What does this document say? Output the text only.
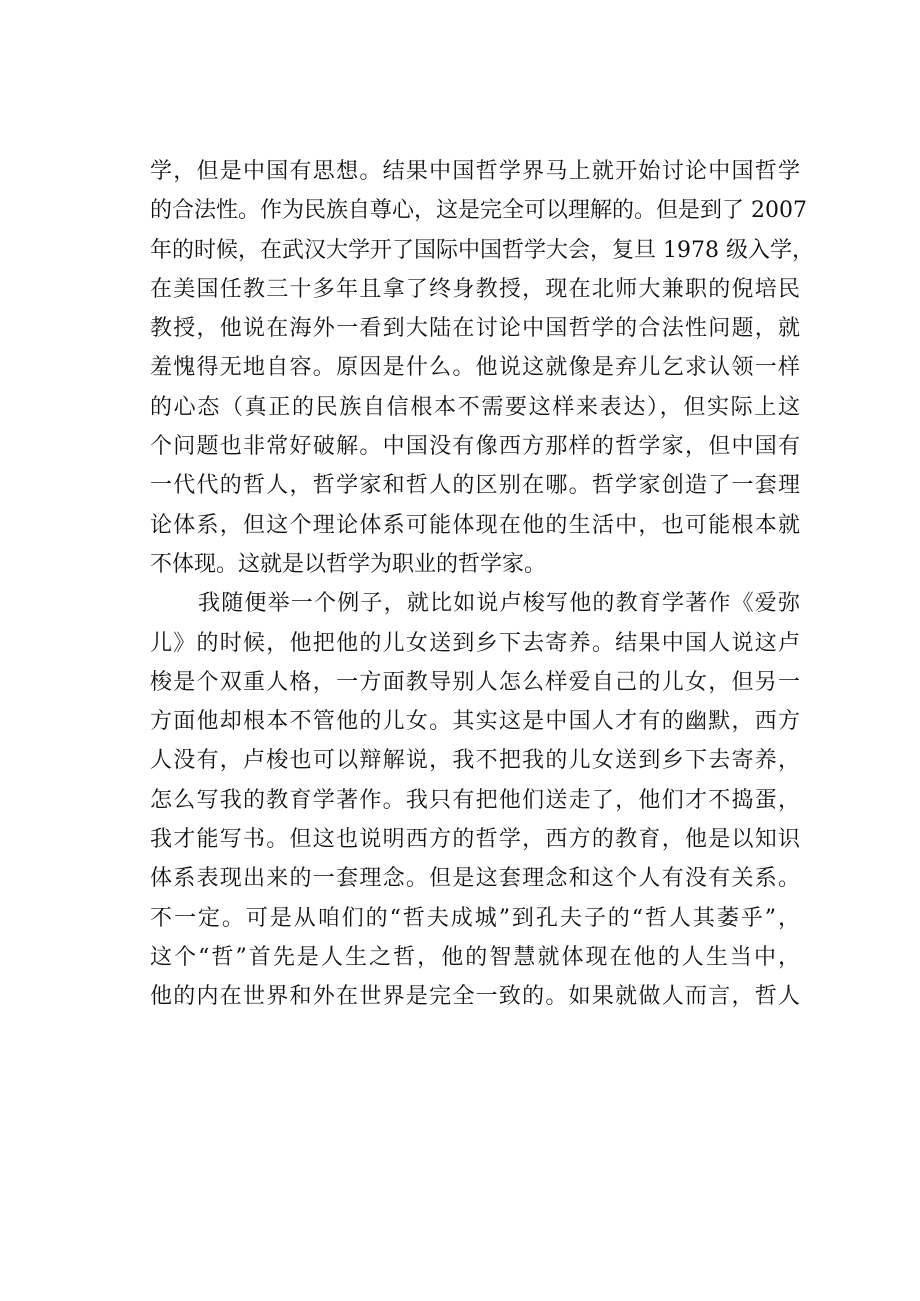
学，但是中国有思想。结果中国哲学界马上就开始讨论中国哲学
的合法性。作为民族自尊心，这是完全可以理解的。但是到了 2007
年的时候，在武汉大学开了国际中国哲学大会，复旦 1978 级入学，
在美国任教三十多年且拿了终身教授，现在北师大兼职的倪培民
教授，他说在海外一看到大陆在讨论中国哲学的合法性问题，就
羞愧得无地自容。原因是什么。他说这就像是弃儿乞求认领一样
的心态（真正的民族自信根本不需要这样来表达），但实际上这
个问题也非常好破解。中国没有像西方那样的哲学家，但中国有
一代代的哲人，哲学家和哲人的区别在哪。哲学家创造了一套理
论体系，但这个理论体系可能体现在他的生活中，也可能根本就
不体现。这就是以哲学为职业的哲学家。
我随便举一个例子，就比如说卢梭写他的教育学著作《爱弥
儿》的时候，他把他的儿女送到乡下去寄养。结果中国人说这卢
梭是个双重人格，一方面教导别人怎么样爱自己的儿女，但另一
方面他却根本不管他的儿女。其实这是中国人才有的幽默，西方
人没有，卢梭也可以辩解说，我不把我的儿女送到乡下去寄养，
怎么写我的教育学著作。我只有把他们送走了，他们才不捣蛋，
我才能写书。但这也说明西方的哲学，西方的教育，他是以知识
体系表现出来的一套理念。但是这套理念和这个人有没有关系。
不一定。可是从咱们的“哲夫成城”到孔夫子的“哲人其萎乎”，
这个“哲”首先是人生之哲，他的智慧就体现在他的人生当中，
他的内在世界和外在世界是完全一致的。如果就做人而言，哲人
